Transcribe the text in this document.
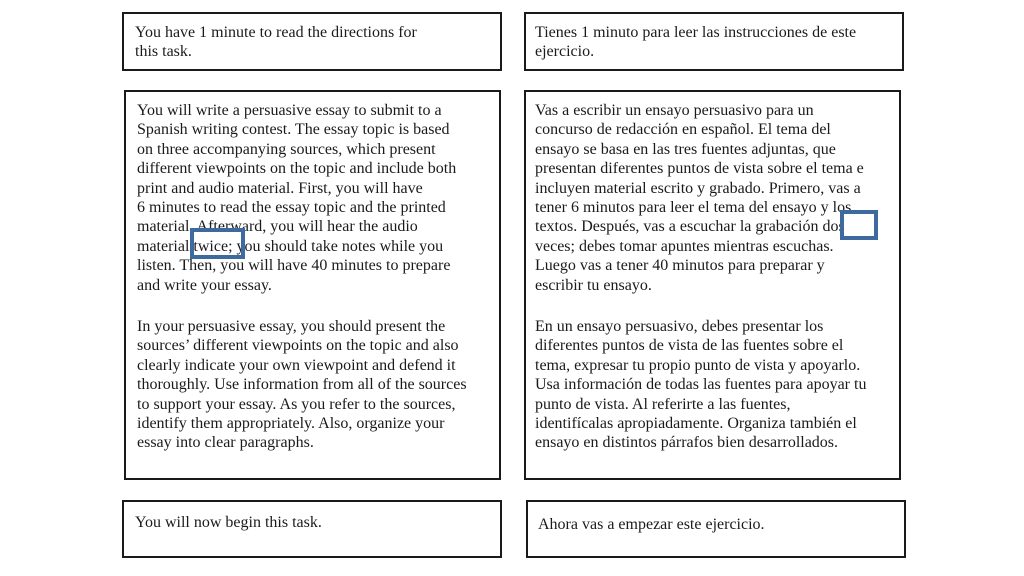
You have 1 minute to read the directions for
this task.
You will write a persuasive essay to submit to a
Spanish writing contest. The essay topic is based
on three accompanying sources, which present
different viewpoints on the topic and include both
print and audio material. First, you will have
6 minutes to read the essay topic and the printed
material. Afterward, you will hear the audio
material twice; you should take notes while you
listen. Then, you will have 40 minutes to prepare
and write your essay.
In your persuasive essay, you should present the
sources’ different viewpoints on the topic and also
clearly indicate your own viewpoint and defend it
thoroughly. Use information from all of the sources
to support your essay. As you refer to the sources,
identify them appropriately. Also, organize your
essay into clear paragraphs.
You will now begin this task.
Tienes 1 minuto para leer las instrucciones de este
ejercicio.
Vas a escribir un ensayo persuasivo para un
concurso de redacción en español. El tema del
ensayo se basa en las tres fuentes adjuntas, que
presentan diferentes puntos de vista sobre el tema e
incluyen material escrito y grabado. Primero, vas a
tener 6 minutos para leer el tema del ensayo y los
textos. Después, vas a escuchar la grabación dos
veces; debes tomar apuntes mientras escuchas.
Luego vas a tener 40 minutos para preparar y
escribir tu ensayo.
En un ensayo persuasivo, debes presentar los
diferentes puntos de vista de las fuentes sobre el
tema, expresar tu propio punto de vista y apoyarlo.
Usa información de todas las fuentes para apoyar tu
punto de vista. Al referirte a las fuentes,
identifícalas apropiadamente. Organiza también el
ensayo en distintos párrafos bien desarrollados.
Ahora vas a empezar este ejercicio.
